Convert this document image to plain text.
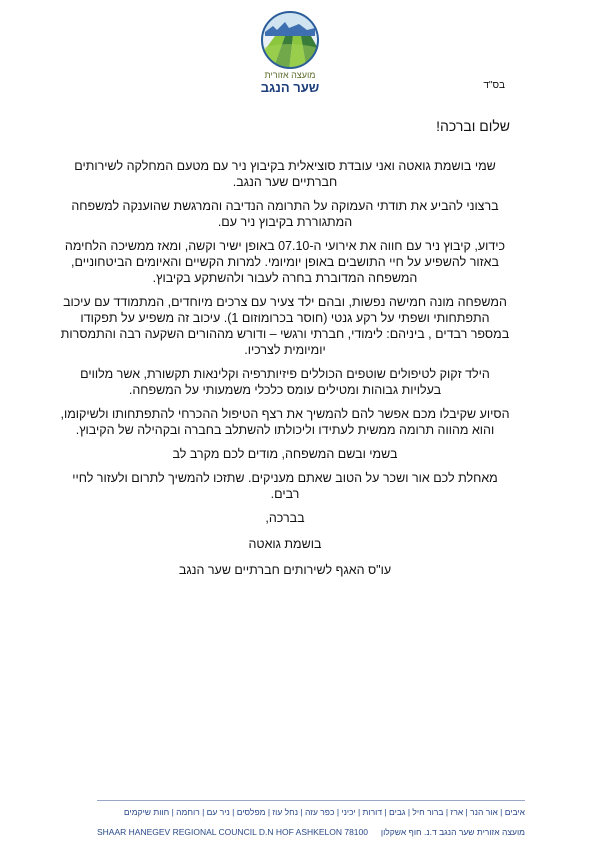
מועצה אזורית
שער הנגב	בס"ד

שלום וברכה!

שמי בושמת גואטה ואני עובדת סוציאלית בקיבוץ ניר עם מטעם המחלקה לשירותים חברתיים שער הנגב.

ברצוני להביע את תודתי העמוקה על התרומה הנדיבה והמרגשת שהוענקה למשפחה המתגוררת בקיבוץ ניר עם.

כידוע, קיבוץ ניר עם חווה את אירועי ה-07.10 באופן ישיר וקשה, ומאז ממשיכה הלחימה באזור להשפיע על חיי התושבים באופן יומיומי. למרות הקשיים והאיומים הביטחוניים, המשפחה המדוברת בחרה לעבור ולהשתקע בקיבוץ.

המשפחה מונה חמישה נפשות, ובהם ילד צעיר עם צרכים מיוחדים, המתמודד עם עיכוב התפתחותי ושפתי על רקע גנטי (חוסר בכרומוזום 1). עיכוב זה משפיע על תפקודו במספר רבדים , ביניהם: לימודי, חברתי ורגשי – ודורש מההורים השקעה רבה והתמסרות יומיומית לצרכיו.

הילד זקוק לטיפולים שוטפים הכוללים פיזיותרפיה וקלינאות תקשורת, אשר מלווים בעלויות גבוהות ומטילים עומס כלכלי משמעותי על המשפחה.

הסיוע שקיבלו מכם אפשר להם להמשיך את רצף הטיפול ההכרחי להתפתחותו ולשיקומו, והוא מהווה תרומה ממשית לעתידו וליכולתו להשתלב בחברה ובקהילה של הקיבוץ.

בשמי ובשם המשפחה, מודים לכם מקרב לב

מאחלת לכם אור ושכר על הטוב שאתם מעניקים. שתזכו להמשיך לתרום ולעזור לחיי רבים.

בברכה,

בושמת גואטה

עו"ס האגף לשירותים חברתיים שער הנגב

איבים | אור הנר | ארז | ברור חיל | גבים | דורות | יכיני | כפר עזה | נחל עוז | מפלסים | ניר עם | רוחמה | חוות שיקמים
SHAAR HANEGEV REGIONAL COUNCIL D.N HOF ASHKELON 78100 מועצה אזורית שער הנגב ד.נ. חוף אשקלון
